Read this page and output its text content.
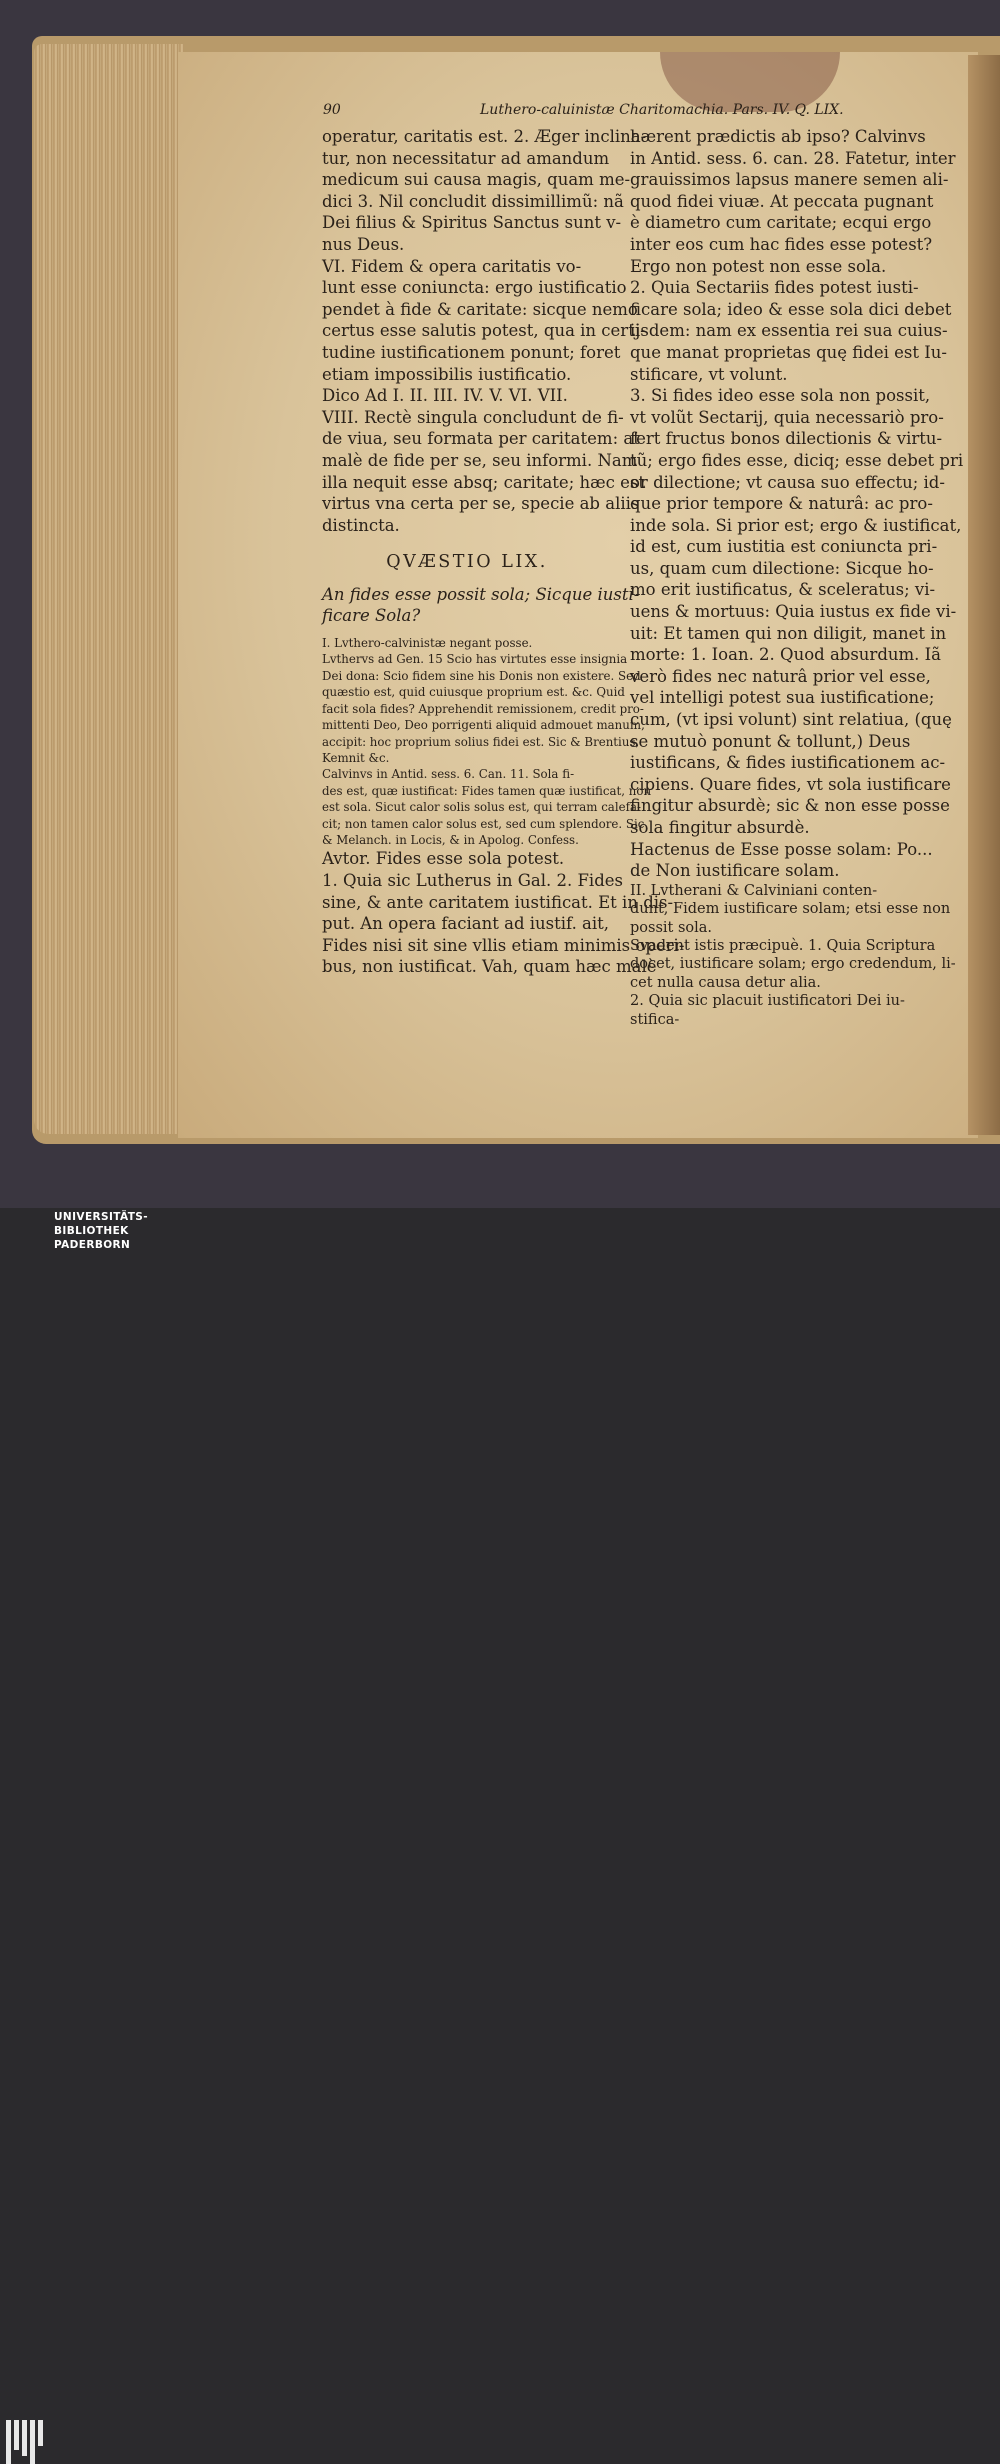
90	Luthero-caluinistæ Charitomachia. Pars. IV. Q. LIX.
operatur, caritatis est. 2. Æger inclina-
tur, non necessitatur ad amandum
medicum sui causa magis, quam me-
dici 3. Nil concludit dissimillimũ: nã
Dei filius & Spiritus Sanctus sunt v-
nus Deus.
VI. Fidem & opera caritatis vo-
lunt esse coniuncta: ergo iustificatio
pendet à fide & caritate: sicque nemo
certus esse salutis potest, qua in certi-
tudine iustificationem ponunt; foret
etiam impossibilis iustificatio.
Dico Ad I. II. III. IV. V. VI. VII.
VIII. Rectè singula concludunt de fi-
de viua, seu formata per caritatem: at
malè de fide per se, seu informi. Nam
illa nequit esse absq; caritate; hæc est
virtus vna certa per se, specie ab aliis
distincta.
QVÆSTIO LIX.
An fides esse possit sola; Sicque iusti-
ficare Sola?
I. Lvthero-calvinistæ negant posse.
Lvthervs ad Gen. 15 Scio has virtutes esse insignia
Dei dona: Scio fidem sine his Donis non existere. Sed
quæstio est, quid cuiusque proprium est. &c. Quid
facit sola fides? Apprehendit remissionem, credit pro-
mittenti Deo, Deo porrigenti aliquid admouet manum,
accipit: hoc proprium solius fidei est. Sic & Brentius,
Kemnit &c.
Calvinvs in Antid. sess. 6. Can. 11. Sola fi-
des est, quæ iustificat: Fides tamen quæ iustificat, non
est sola. Sicut calor solis solus est, qui terram calefa-
cit; non tamen calor solus est, sed cum splendore. Sic
& Melanch. in Locis, & in Apolog. Confess.
Avtor. Fides esse sola potest.
1. Quia sic Lutherus in Gal. 2. Fides
sine, & ante caritatem iustificat. Et in dis-
put. An opera faciant ad iustif. ait,
Fides nisi sit sine vllis etiam minimis operi-
bus, non iustificat. Vah, quam hæc malè
hærent prædictis ab ipso? Calvinvs
in Antid. sess. 6. can. 28. Fatetur, inter
grauissimos lapsus manere semen ali-
quod fidei viuæ. At peccata pugnant
è diametro cum caritate; ecqui ergo
inter eos cum hac fides esse potest?
Ergo non potest non esse sola.
2. Quia Sectariis fides potest iusti-
ficare sola; ideo & esse sola dici debet
ijsdem: nam ex essentia rei sua cuius-
que manat proprietas quę fidei est Iu-
stificare, vt volunt.
3. Si fides ideo esse sola non possit,
vt volũt Sectarij, quia necessariò pro-
fert fructus bonos dilectionis & virtu-
tũ; ergo fides esse, diciq; esse debet pri
or dilectione; vt causa suo effectu; id-
que prior tempore & naturâ: ac pro-
inde sola. Si prior est; ergo & iustificat,
id est, cum iustitia est coniuncta pri-
us, quam cum dilectione: Sicque ho-
mo erit iustificatus, & sceleratus; vi-
uens & mortuus: Quia iustus ex fide vi-
uit: Et tamen qui non diligit, manet in
morte: 1. Ioan. 2. Quod absurdum. Iã
verò fides nec naturâ prior vel esse,
vel intelligi potest sua iustificatione;
cum, (vt ipsi volunt) sint relatiua, (quę
se mutuò ponunt & tollunt,) Deus
iustificans, & fides iustificationem ac-
cipiens. Quare fides, vt sola iustificare
fingitur absurdè; sic & non esse posse
sola fingitur absurdè.
Hactenus de Esse posse solam: Po...
de Non iustificare solam.
II. Lvtherani & Calviniani conten-
dunt, Fidem iustificare solam; etsi esse non
possit sola.
Svadent istis præcipuè. 1. Quia Scriptura
docet, iustificare solam; ergo credendum, li-
cet nulla causa detur alia.
2. Quia sic placuit iustificatori Dei iu-
stifica-
UNIVERSITÄTS-
BIBLIOTHEK
PADERBORN
